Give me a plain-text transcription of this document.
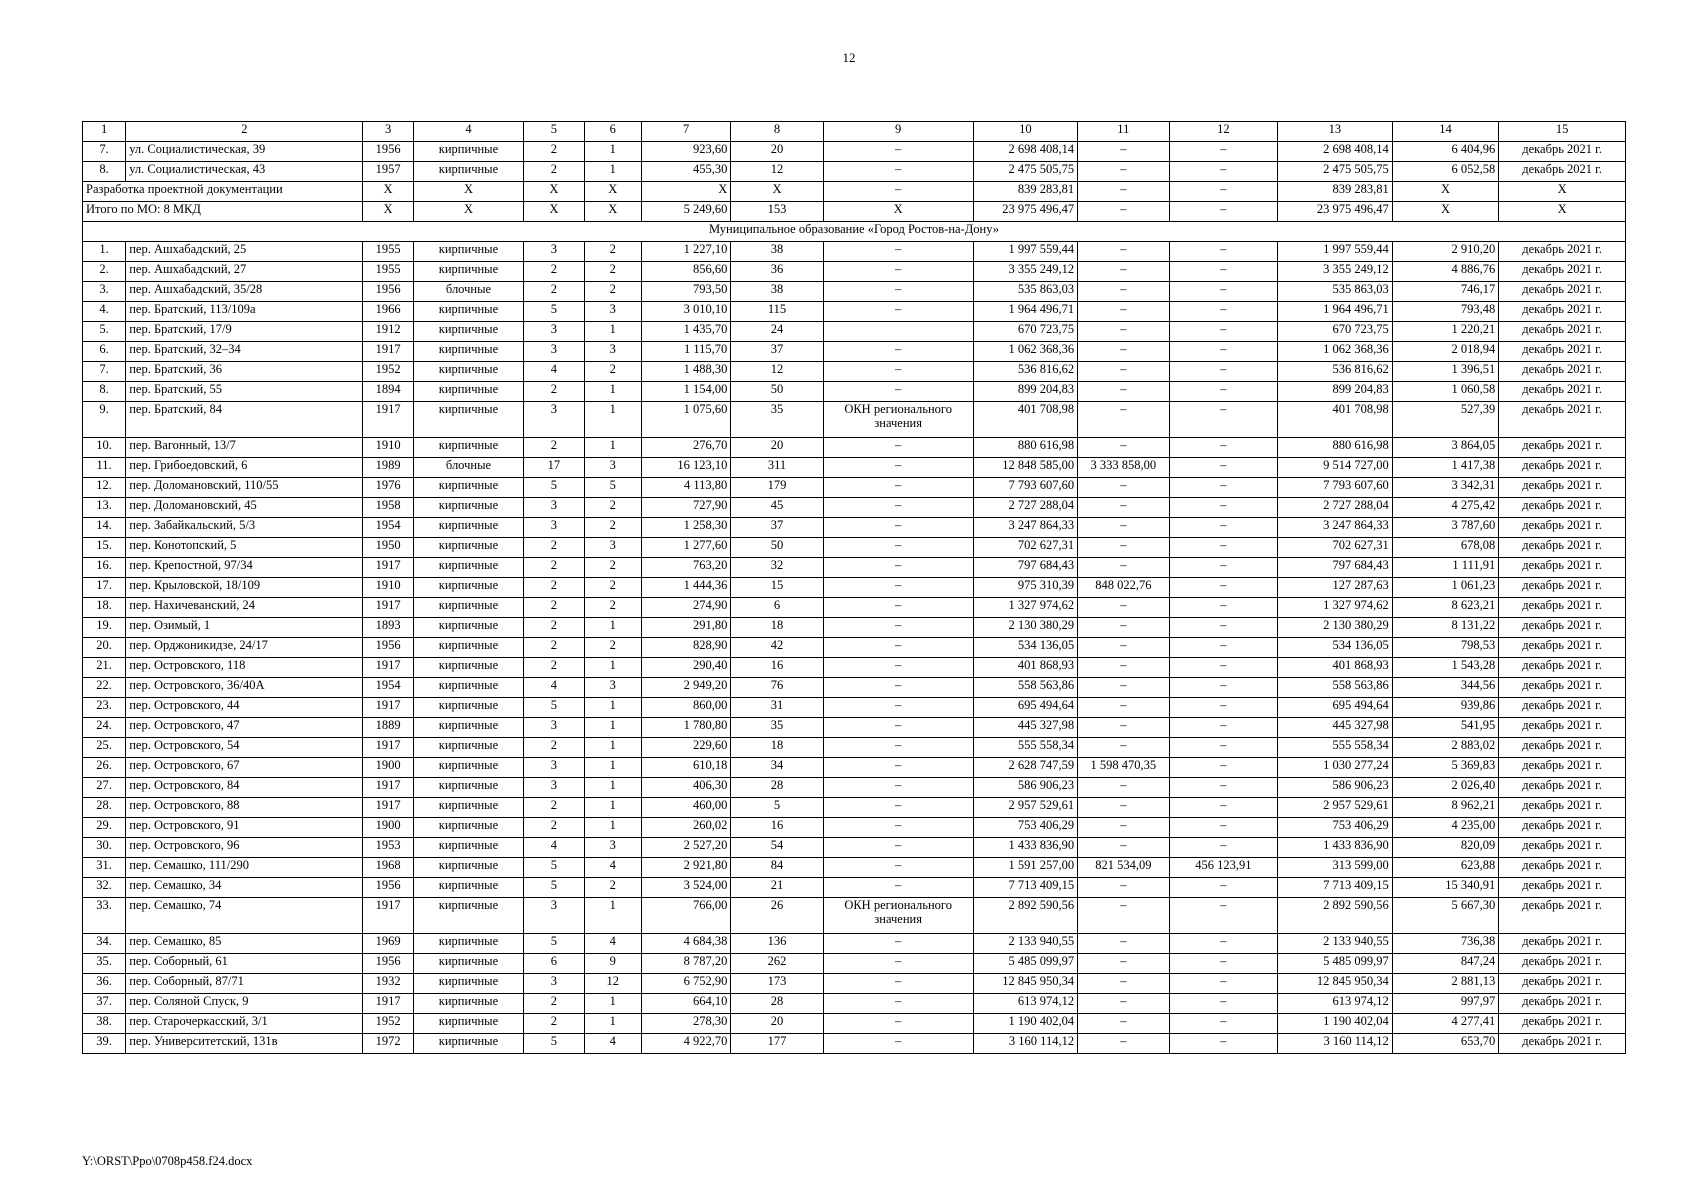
12
1	2	3	4	5	6	7	8	9	10	11	12	13	14	15
7.	ул. Социалистическая, 39	1956	кирпичные	2	1	923,60	20	–	2 698 408,14	–	–	2 698 408,14	6 404,96	декабрь 2021 г.
8.	ул. Социалистическая, 43	1957	кирпичные	2	1	455,30	12	–	2 475 505,75	–	–	2 475 505,75	6 052,58	декабрь 2021 г.
Разработка проектной документации		X	X	X	X	X	X	–	839 283,81	–	–	839 283,81	X	X
Итого по МО: 8 МКД		X	X	X	X	5 249,60	153	X	23 975 496,47	–	–	23 975 496,47	X	X
Муниципальное образование «Город Ростов-на-Дону»														
1.	пер. Ашхабадский, 25	1955	кирпичные	3	2	1 227,10	38	–	1 997 559,44	–	–	1 997 559,44	2 910,20	декабрь 2021 г.
2.	пер. Ашхабадский, 27	1955	кирпичные	2	2	856,60	36	–	3 355 249,12	–	–	3 355 249,12	4 886,76	декабрь 2021 г.
3.	пер. Ашхабадский, 35/28	1956	блочные	2	2	793,50	38	–	535 863,03	–	–	535 863,03	746,17	декабрь 2021 г.
4.	пер. Братский, 113/109а	1966	кирпичные	5	3	3 010,10	115	–	1 964 496,71	–	–	1 964 496,71	793,48	декабрь 2021 г.
5.	пер. Братский, 17/9	1912	кирпичные	3	1	1 435,70	24		670 723,75	–	–	670 723,75	1 220,21	декабрь 2021 г.
6.	пер. Братский, 32–34	1917	кирпичные	3	3	1 115,70	37	–	1 062 368,36	–	–	1 062 368,36	2 018,94	декабрь 2021 г.
7.	пер. Братский, 36	1952	кирпичные	4	2	1 488,30	12	–	536 816,62	–	–	536 816,62	1 396,51	декабрь 2021 г.
8.	пер. Братский, 55	1894	кирпичные	2	1	1 154,00	50	–	899 204,83	–	–	899 204,83	1 060,58	декабрь 2021 г.
9.	пер. Братский, 84	1917	кирпичные	3	1	1 075,60	35	ОКН регионального значения	401 708,98	–	–	401 708,98	527,39	декабрь 2021 г.
10.	пер. Вагонный, 13/7	1910	кирпичные	2	1	276,70	20	–	880 616,98	–	–	880 616,98	3 864,05	декабрь 2021 г.
11.	пер. Грибоедовский, 6	1989	блочные	17	3	16 123,10	311	–	12 848 585,00	3 333 858,00	–	9 514 727,00	1 417,38	декабрь 2021 г.
12.	пер. Доломановский, 110/55	1976	кирпичные	5	5	4 113,80	179	–	7 793 607,60	–	–	7 793 607,60	3 342,31	декабрь 2021 г.
13.	пер. Доломановский, 45	1958	кирпичные	3	2	727,90	45	–	2 727 288,04	–	–	2 727 288,04	4 275,42	декабрь 2021 г.
14.	пер. Забайкальский, 5/3	1954	кирпичные	3	2	1 258,30	37	–	3 247 864,33	–	–	3 247 864,33	3 787,60	декабрь 2021 г.
15.	пер. Конотопский, 5	1950	кирпичные	2	3	1 277,60	50	–	702 627,31	–	–	702 627,31	678,08	декабрь 2021 г.
16.	пер. Крепостной, 97/34	1917	кирпичные	2	2	763,20	32	–	797 684,43	–	–	797 684,43	1 111,91	декабрь 2021 г.
17.	пер. Крыловской, 18/109	1910	кирпичные	2	2	1 444,36	15	–	975 310,39	848 022,76	–	127 287,63	1 061,23	декабрь 2021 г.
18.	пер. Нахичеванский, 24	1917	кирпичные	2	2	274,90	6	–	1 327 974,62	–	–	1 327 974,62	8 623,21	декабрь 2021 г.
19.	пер. Озимый, 1	1893	кирпичные	2	1	291,80	18	–	2 130 380,29	–	–	2 130 380,29	8 131,22	декабрь 2021 г.
20.	пер. Орджоникидзе, 24/17	1956	кирпичные	2	2	828,90	42	–	534 136,05	–	–	534 136,05	798,53	декабрь 2021 г.
21.	пер. Островского, 118	1917	кирпичные	2	1	290,40	16	–	401 868,93	–	–	401 868,93	1 543,28	декабрь 2021 г.
22.	пер. Островского, 36/40А	1954	кирпичные	4	3	2 949,20	76	–	558 563,86	–	–	558 563,86	344,56	декабрь 2021 г.
23.	пер. Островского, 44	1917	кирпичные	5	1	860,00	31	–	695 494,64	–	–	695 494,64	939,86	декабрь 2021 г.
24.	пер. Островского, 47	1889	кирпичные	3	1	1 780,80	35	–	445 327,98	–	–	445 327,98	541,95	декабрь 2021 г.
25.	пер. Островского, 54	1917	кирпичные	2	1	229,60	18	–	555 558,34	–	–	555 558,34	2 883,02	декабрь 2021 г.
26.	пер. Островского, 67	1900	кирпичные	3	1	610,18	34	–	2 628 747,59	1 598 470,35	–	1 030 277,24	5 369,83	декабрь 2021 г.
27.	пер. Островского, 84	1917	кирпичные	3	1	406,30	28	–	586 906,23	–	–	586 906,23	2 026,40	декабрь 2021 г.
28.	пер. Островского, 88	1917	кирпичные	2	1	460,00	5	–	2 957 529,61	–	–	2 957 529,61	8 962,21	декабрь 2021 г.
29.	пер. Островского, 91	1900	кирпичные	2	1	260,02	16	–	753 406,29	–	–	753 406,29	4 235,00	декабрь 2021 г.
30.	пер. Островского, 96	1953	кирпичные	4	3	2 527,20	54	–	1 433 836,90	–	–	1 433 836,90	820,09	декабрь 2021 г.
31.	пер. Семашко, 111/290	1968	кирпичные	5	4	2 921,80	84	–	1 591 257,00	821 534,09	456 123,91	313 599,00	623,88	декабрь 2021 г.
32.	пер. Семашко, 34	1956	кирпичные	5	2	3 524,00	21	–	7 713 409,15	–	–	7 713 409,15	15 340,91	декабрь 2021 г.
33.	пер. Семашко, 74	1917	кирпичные	3	1	766,00	26	ОКН регионального значения	2 892 590,56	–	–	2 892 590,56	5 667,30	декабрь 2021 г.
34.	пер. Семашко, 85	1969	кирпичные	5	4	4 684,38	136	–	2 133 940,55	–	–	2 133 940,55	736,38	декабрь 2021 г.
35.	пер. Соборный, 61	1956	кирпичные	6	9	8 787,20	262	–	5 485 099,97	–	–	5 485 099,97	847,24	декабрь 2021 г.
36.	пер. Соборный, 87/71	1932	кирпичные	3	12	6 752,90	173	–	12 845 950,34	–	–	12 845 950,34	2 881,13	декабрь 2021 г.
37.	пер. Соляной Спуск, 9	1917	кирпичные	2	1	664,10	28	–	613 974,12	–	–	613 974,12	997,97	декабрь 2021 г.
38.	пер. Старочеркасский, 3/1	1952	кирпичные	2	1	278,30	20	–	1 190 402,04	–	–	1 190 402,04	4 277,41	декабрь 2021 г.
39.	пер. Университетский, 131в	1972	кирпичные	5	4	4 922,70	177	–	3 160 114,12	–	–	3 160 114,12	653,70	декабрь 2021 г.
Y:\ORST\Ppo\0708p458.f24.docx
